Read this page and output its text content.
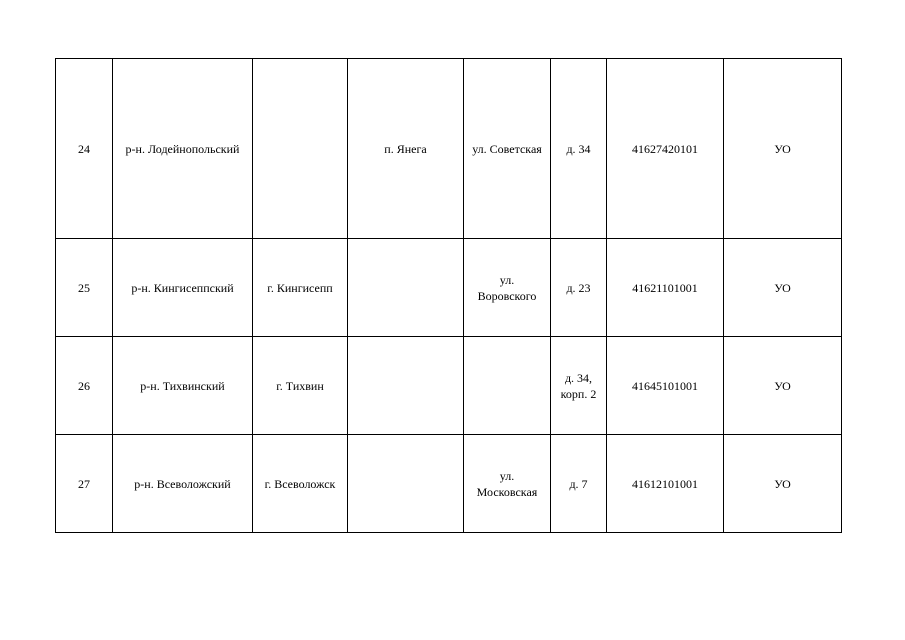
24	р-н. Лодейнопольский		п. Янега	ул. Советская	д. 34	41627420101	УО
25	р-н. Кингисеппский	г. Кингисепп		ул.
Воровского	д. 23	41621101001	УО
26	р-н. Тихвинский	г. Тихвин			д. 34,
корп. 2	41645101001	УО
27	р-н. Всеволожский	г. Всеволожск		ул.
Московская	д. 7	41612101001	УО
